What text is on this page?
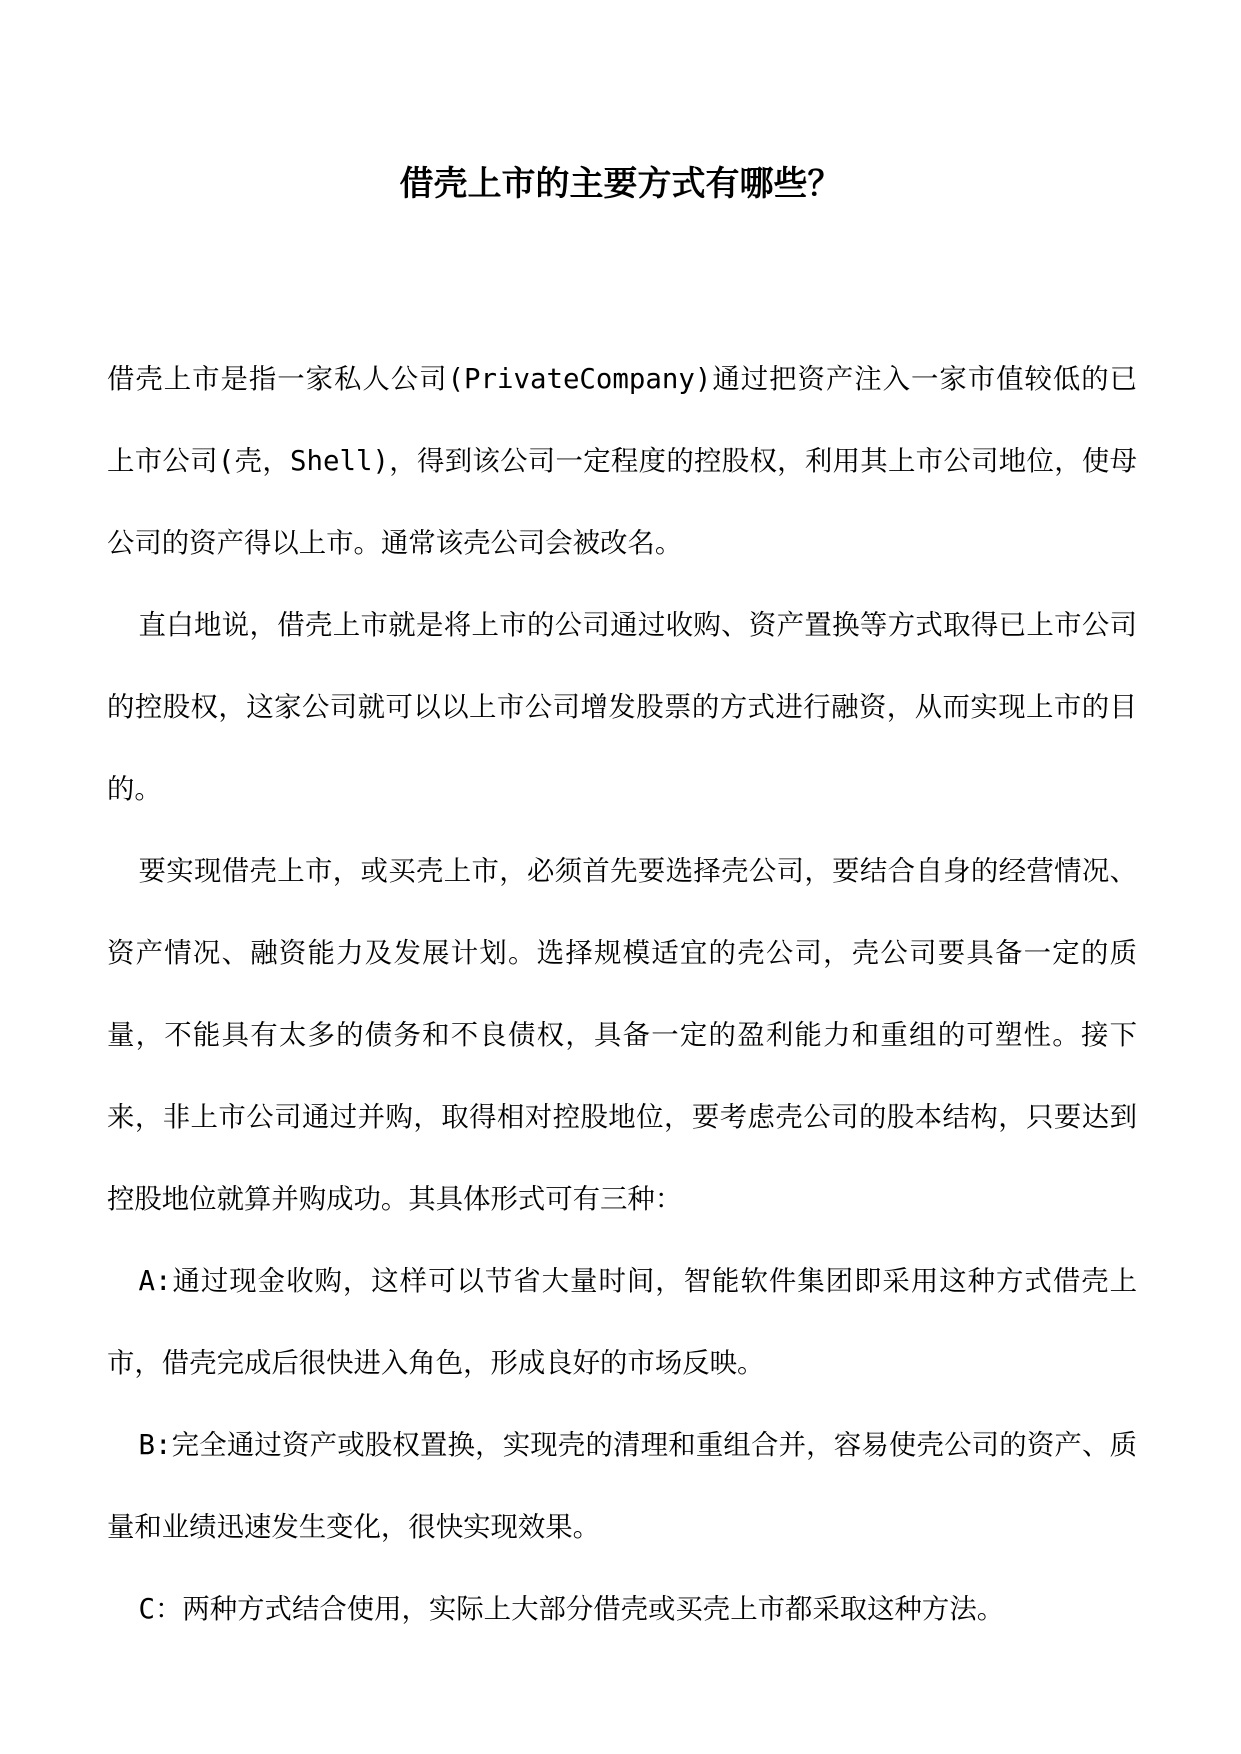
借壳上市的主要方式有哪些？

借壳上市是指一家私人公司(PrivateCompany)通过把资产注入一家市值较低的已上市公司(壳，Shell)，得到该公司一定程度的控股权，利用其上市公司地位，使母公司的资产得以上市。通常该壳公司会被改名。

直白地说，借壳上市就是将上市的公司通过收购、资产置换等方式取得已上市公司的控股权，这家公司就可以以上市公司增发股票的方式进行融资，从而实现上市的目的。

要实现借壳上市，或买壳上市，必须首先要选择壳公司，要结合自身的经营情况、资产情况、融资能力及发展计划。选择规模适宜的壳公司，壳公司要具备一定的质量，不能具有太多的债务和不良债权，具备一定的盈利能力和重组的可塑性。接下来，非上市公司通过并购，取得相对控股地位，要考虑壳公司的股本结构，只要达到控股地位就算并购成功。其具体形式可有三种：

A:通过现金收购，这样可以节省大量时间，智能软件集团即采用这种方式借壳上市，借壳完成后很快进入角色，形成良好的市场反映。

B:完全通过资产或股权置换，实现壳的清理和重组合并，容易使壳公司的资产、质量和业绩迅速发生变化，很快实现效果。

C：两种方式结合使用，实际上大部分借壳或买壳上市都采取这种方法。
